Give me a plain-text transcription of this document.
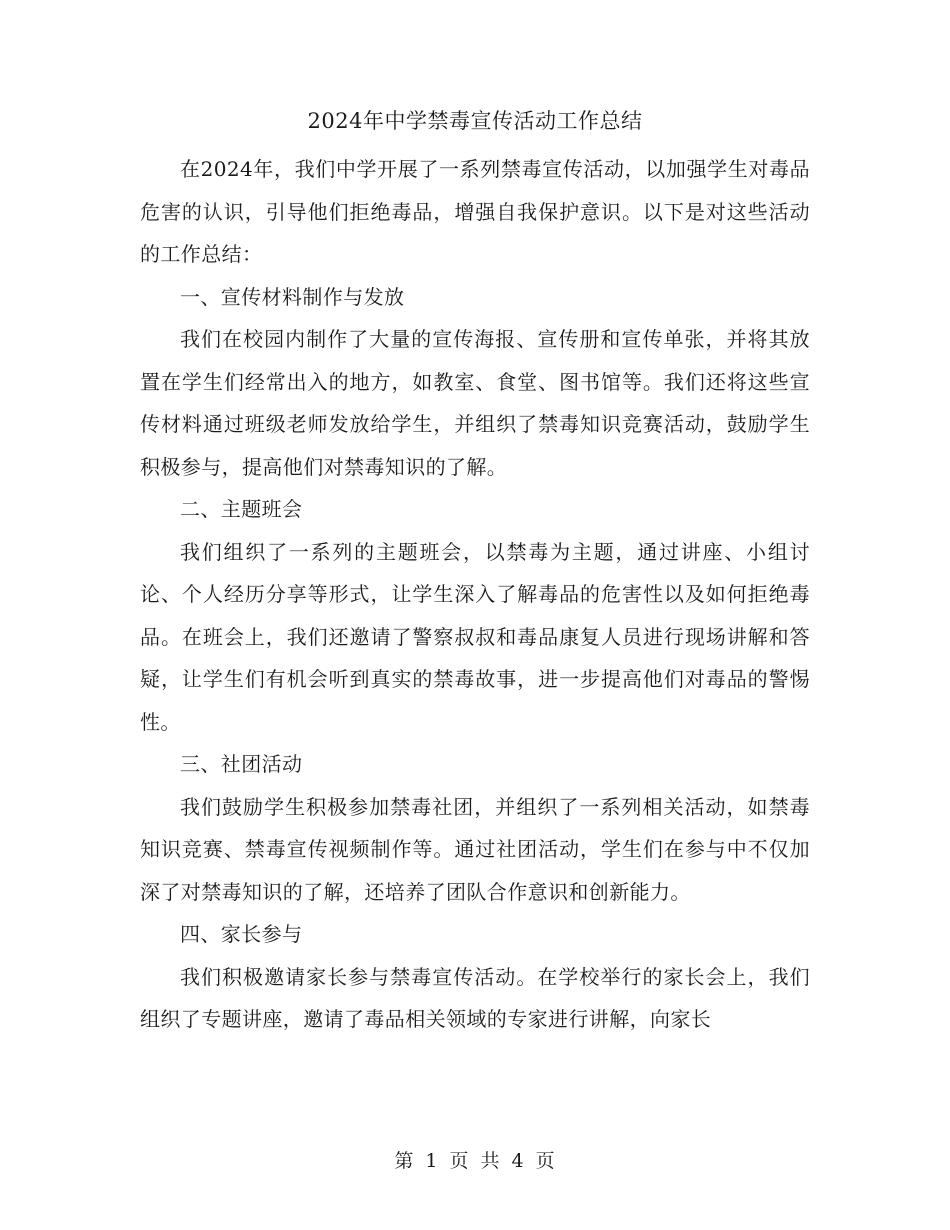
2024年中学禁毒宣传活动工作总结

在2024年，我们中学开展了一系列禁毒宣传活动，以加强学生对毒品危害的认识，引导他们拒绝毒品，增强自我保护意识。以下是对这些活动的工作总结：

一、宣传材料制作与发放

我们在校园内制作了大量的宣传海报、宣传册和宣传单张，并将其放置在学生们经常出入的地方，如教室、食堂、图书馆等。我们还将这些宣传材料通过班级老师发放给学生，并组织了禁毒知识竞赛活动，鼓励学生积极参与，提高他们对禁毒知识的了解。

二、主题班会

我们组织了一系列的主题班会，以禁毒为主题，通过讲座、小组讨论、个人经历分享等形式，让学生深入了解毒品的危害性以及如何拒绝毒品。在班会上，我们还邀请了警察叔叔和毒品康复人员进行现场讲解和答疑，让学生们有机会听到真实的禁毒故事，进一步提高他们对毒品的警惕性。

三、社团活动

我们鼓励学生积极参加禁毒社团，并组织了一系列相关活动，如禁毒知识竞赛、禁毒宣传视频制作等。通过社团活动，学生们在参与中不仅加深了对禁毒知识的了解，还培养了团队合作意识和创新能力。

四、家长参与

我们积极邀请家长参与禁毒宣传活动。在学校举行的家长会上，我们组织了专题讲座，邀请了毒品相关领域的专家进行讲解，向家长

第 1 页 共 4 页
